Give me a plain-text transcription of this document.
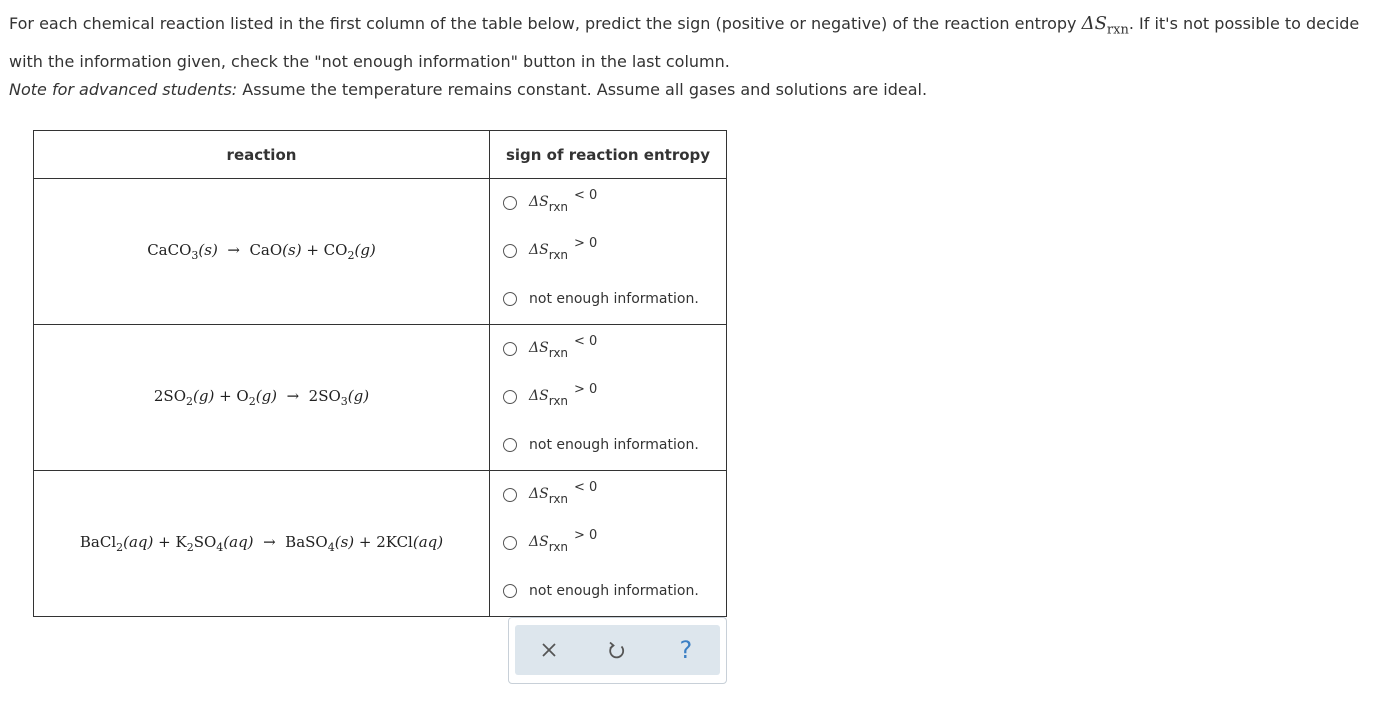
For each chemical reaction listed in the first column of the table below, predict the sign (positive or negative) of the reaction entropy $\Delta S_{rxn}$. If it's not possible to decide with the information given, check the "not enough information" button in the last column.
Note for advanced students: Assume the temperature remains constant. Assume all gases and solutions are ideal.
reaction	sign of reaction entropy
CaCO$_3$(s)  →  $CaO(s) + CO_2(g)$	$\Delta S_{rxn}< 0$
$\Delta S_{rxn}> 0$
not enough information.

$2SO_2(g) + O_2(g) \to 2SO_3(g)$	$\Delta S_{rxn}< 0$
$\Delta S_{rxn}> 0$
not enough information.

BaCl$_2$(aq) + $K_2SO_4(aq)$  →  BaSO$_4$(s) + 2KCl(aq)	$\Delta S_{rxn}< 0$
$\Delta S_{rxn}> 0$
not enough information.
?
